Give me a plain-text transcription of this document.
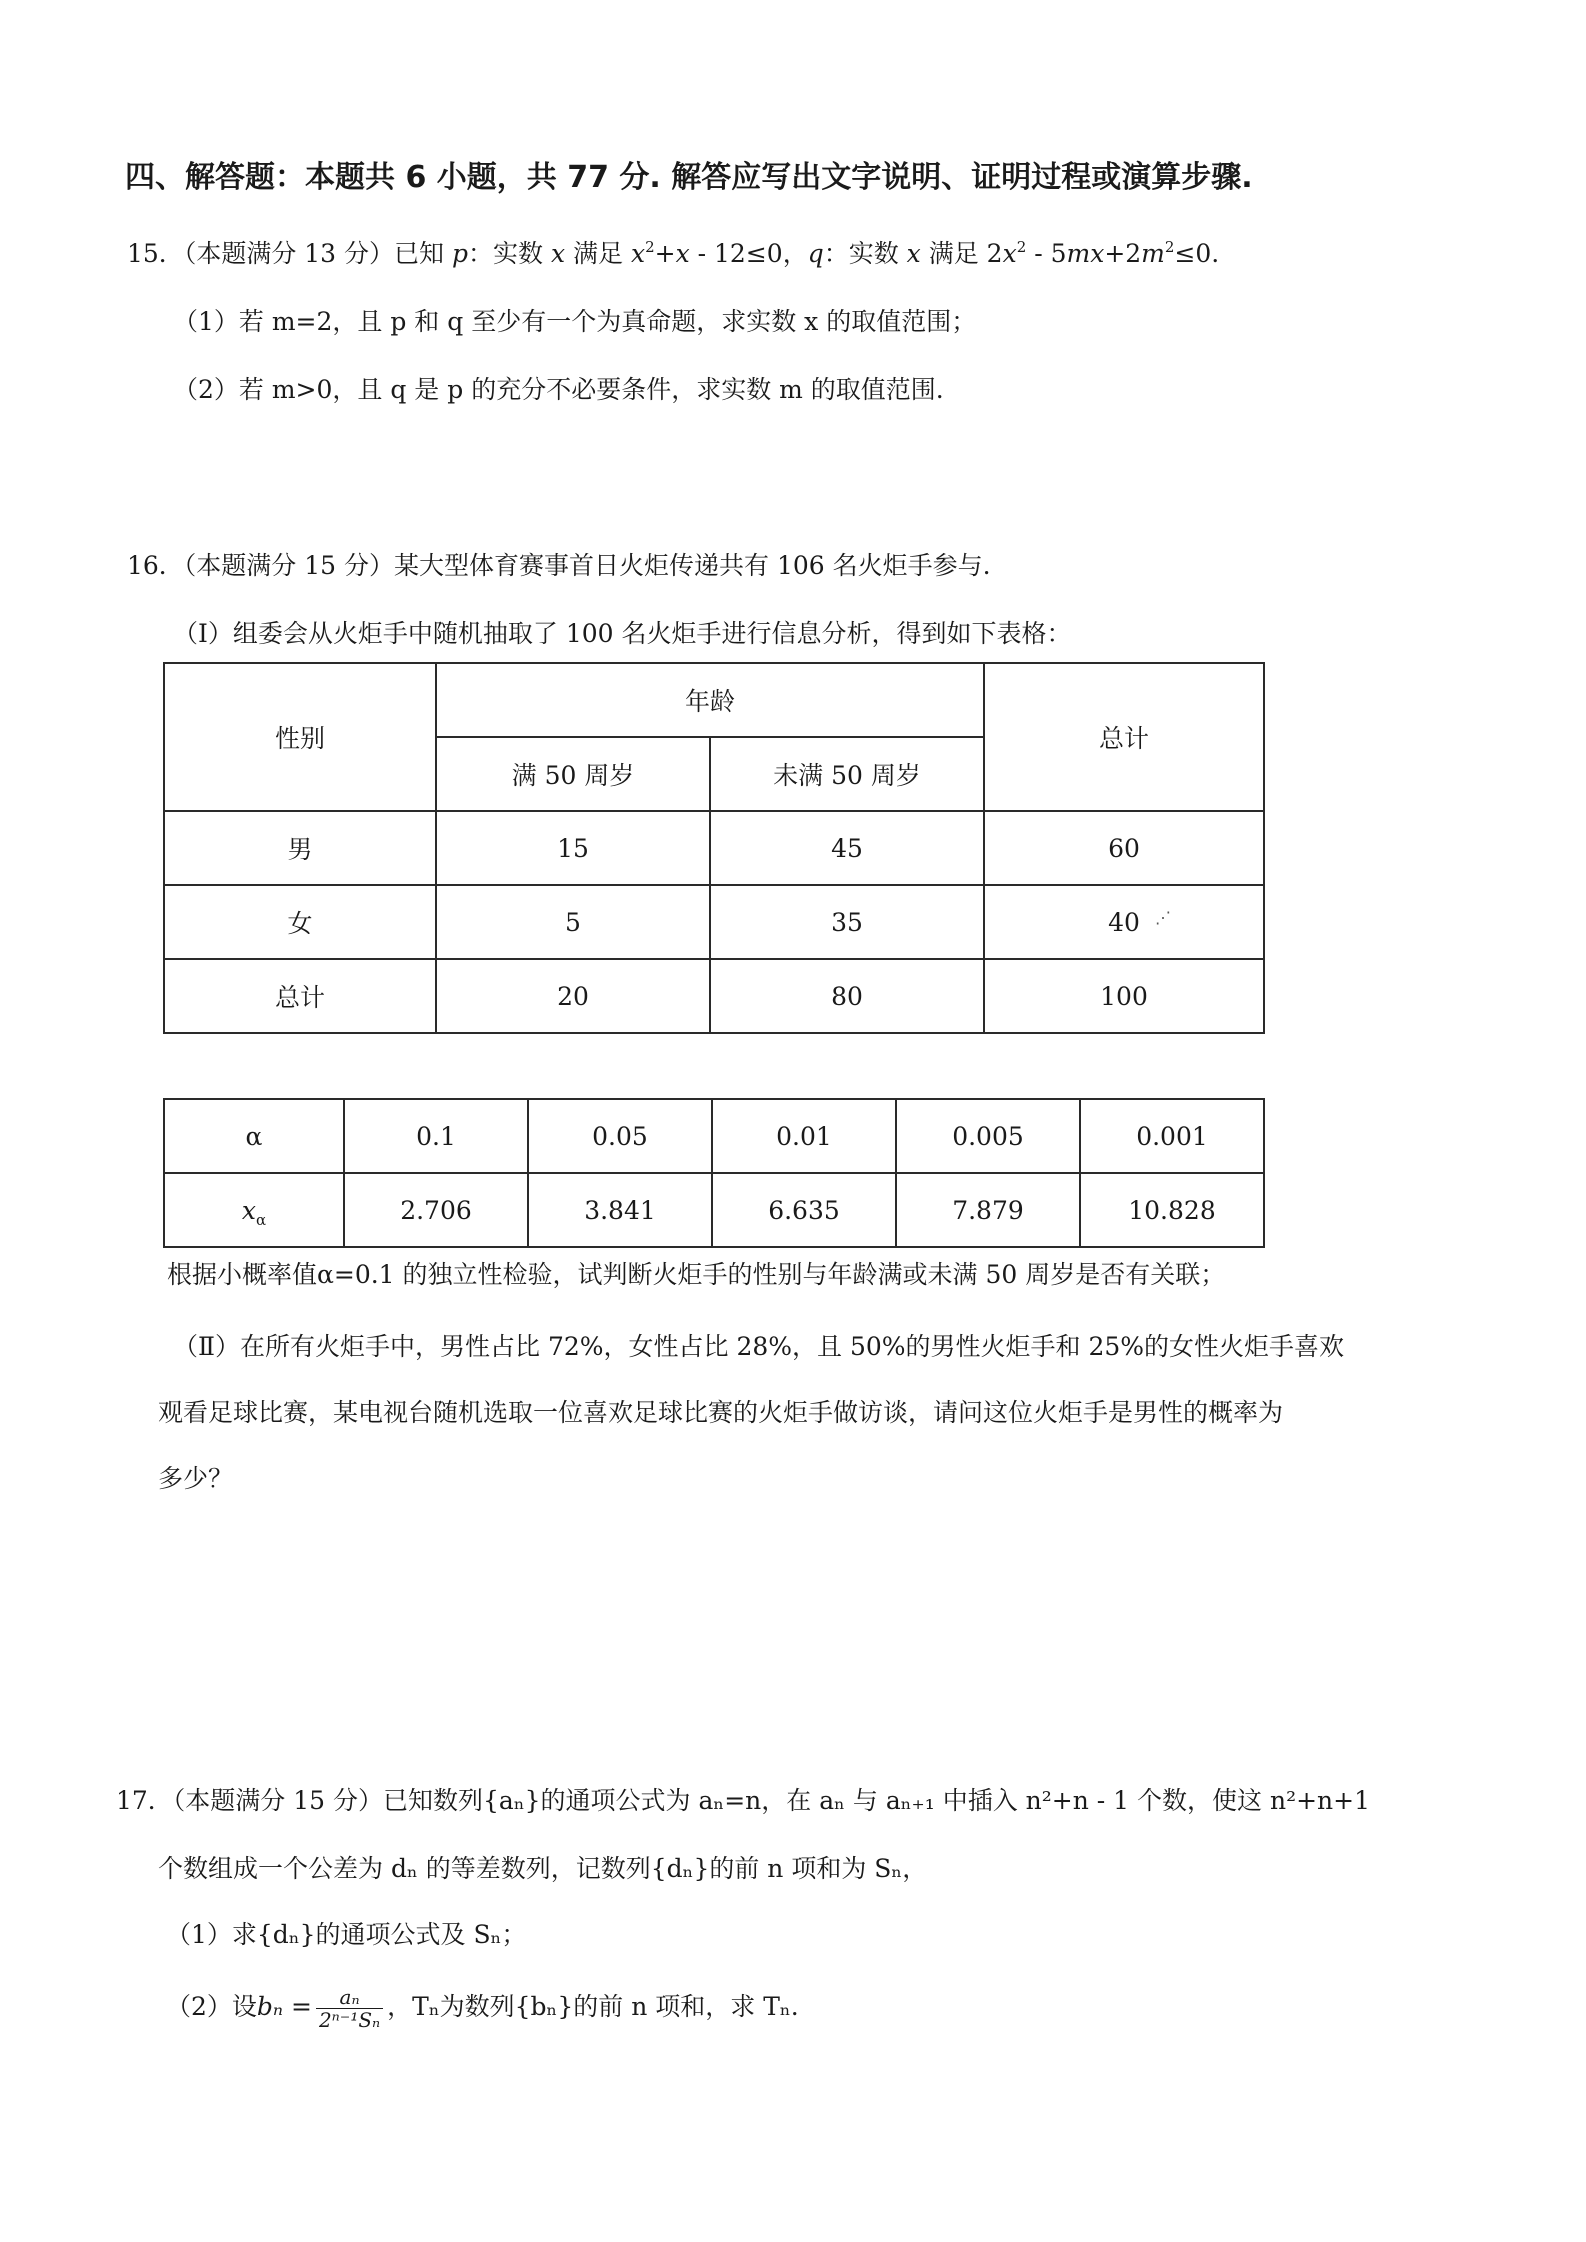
四、解答题：本题共 6 小题，共 77 分. 解答应写出文字说明、证明过程或演算步骤.
15．（本题满分 13 分）已知 p：实数 x 满足 $x^2+x - 12\le 0$，q：实数 x 满足 $2x^2 - 5mx+2m^2\le 0$.
（1）若 m=2，且 p 和 q 至少有一个为真命题，求实数 x 的取值范围；
（2）若 m>0，且 q 是 p 的充分不必要条件，求实数 m 的取值范围.
16．（本题满分 15 分）某大型体育赛事首日火炬传递共有 106 名火炬手参与.
（Ⅰ）组委会从火炬手中随机抽取了 100 名火炬手进行信息分析，得到如下表格：
性别	年龄		总计
	满 50 周岁	未满 50 周岁	
男	15	45	60
女	5	35	40
总计	20	80	100
⋰
α	0.1	0.05	0.01	0.005	0.001
$x_\alpha$	2.706	3.841	6.635	7.879	10.828
根据小概率值α=0.1 的独立性检验，试判断火炬手的性别与年龄满或未满 50 周岁是否有关联；
（Ⅱ）在所有火炬手中，男性占比 72%，女性占比 28%，且 50%的男性火炬手和 25%的女性火炬手喜欢
观看足球比赛，某电视台随机选取一位喜欢足球比赛的火炬手做访谈，请问这位火炬手是男性的概率为
多少？
17．（本题满分 15 分）已知数列{aₙ}的通项公式为 aₙ=n，在 aₙ 与 aₙ₊₁ 中插入 n²+n - 1 个数，使这 n²+n+1
个数组成一个公差为 dₙ 的等差数列，记数列{dₙ}的前 n 项和为 Sₙ，
（1）求{dₙ}的通项公式及 Sₙ；
（2）设$b_n = \frac{\text{aₙ}}{\text{2ⁿ⁻¹Sₙ}}$ ，Tₙ为数列{bₙ}的前 n 项和，求 Tₙ.
